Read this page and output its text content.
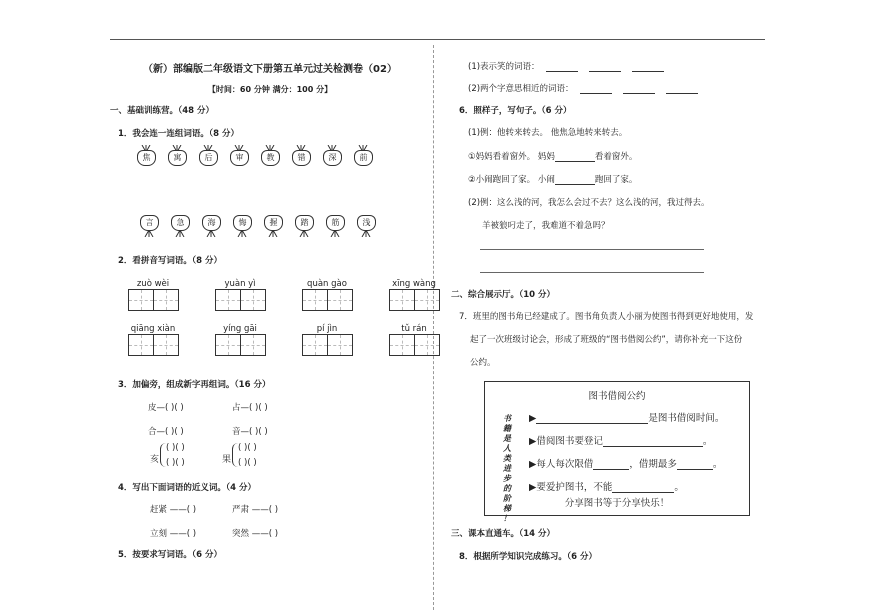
（新）部编版二年级语文下册第五单元过关检测卷（02）
【时间：60 分钟 满分：100 分】
一、基础训练营。（48 分）
1．我会连一连组词语。（8 分）
焦	寓	后	审	教	错	深	前
言	急	海	悔	握	踏	筋	浅
2．看拼音写词语。（8 分）
zuò wèi	yuàn yì	quàn gào	xīng wàng
qiāng xiàn	yíng gāi	pí jìn	tǔ rán
3．加偏旁，组成新字再组词。（16 分）
皮—( )( )	占—( )( )
合—( )( )	音—( )( )
亥
( )( )
( )( )	果
( )( )
( )( )
4．写出下面词语的近义词。（4 分）
赶紧 ——( )	严肃 ——( )
立刻 ——( )	突然 ——( )
5．按要求写词语。（6 分）
(1)表示笑的词语：
(2)两个字意思相近的词语：
6．照样子，写句子。（6 分）
(1)例：他转来转去。 他焦急地转来转去。
①妈妈看着窗外。 妈妈	看着窗外。
②小闹跑回了家。 小闹	跑回了家。
(2)例：这么浅的河，我怎么会过不去？这么浅的河，我过得去。
羊被狼叼走了，我难道不着急吗？
二、综合展示厅。（10 分）
7．班里的图书角已经建成了。图书角负责人小丽为使图书得到更好地使用，发
起了一次班级讨论会，形成了班级的“图书借阅公约”，请你补充一下这份
公约。
图书借阅公约
书
籍
是
人
类
进
步
的
阶
梯
！
▶	是图书借阅时间。
▶借阅图书要登记	。
▶每人每次限借	，借期最多	。
▶要爱护图书，不能	。
分享图书等于分享快乐！
三、课本直通车。（14 分）
8．根据所学知识完成练习。（6 分）
